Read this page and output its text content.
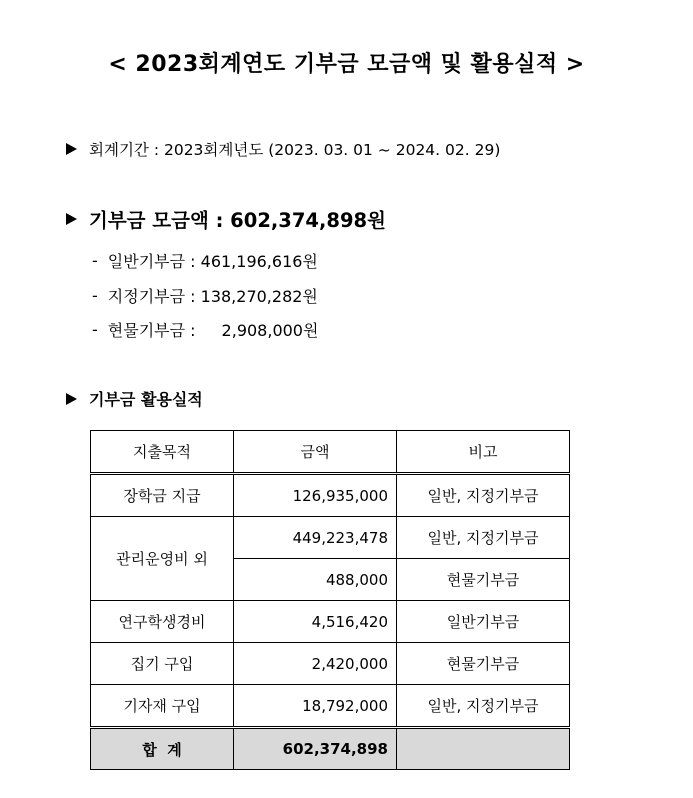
< 2023회계연도 기부금 모금액 및 활용실적 >
회계기간 : 2023회계년도 (2023. 03. 01 ~ 2024. 02. 29)
기부금 모금액 : 602,374,898원
- 일반기부금 :
461,196,616원
- 지정기부금 :
138,270,282원
- 현물기부금 : 2,908,000원
기부금 활용실적
지출목적	금액	비고
장학금 지급	126,935,000	일반, 지정기부금
관리운영비 외	449,223,478	일반, 지정기부금
	488,000	현물기부금
연구학생경비	4,516,420	일반기부금
집기 구입	2,420,000	현물기부금
기자재 구입	18,792,000	일반, 지정기부금
합  계	602,374,898	
